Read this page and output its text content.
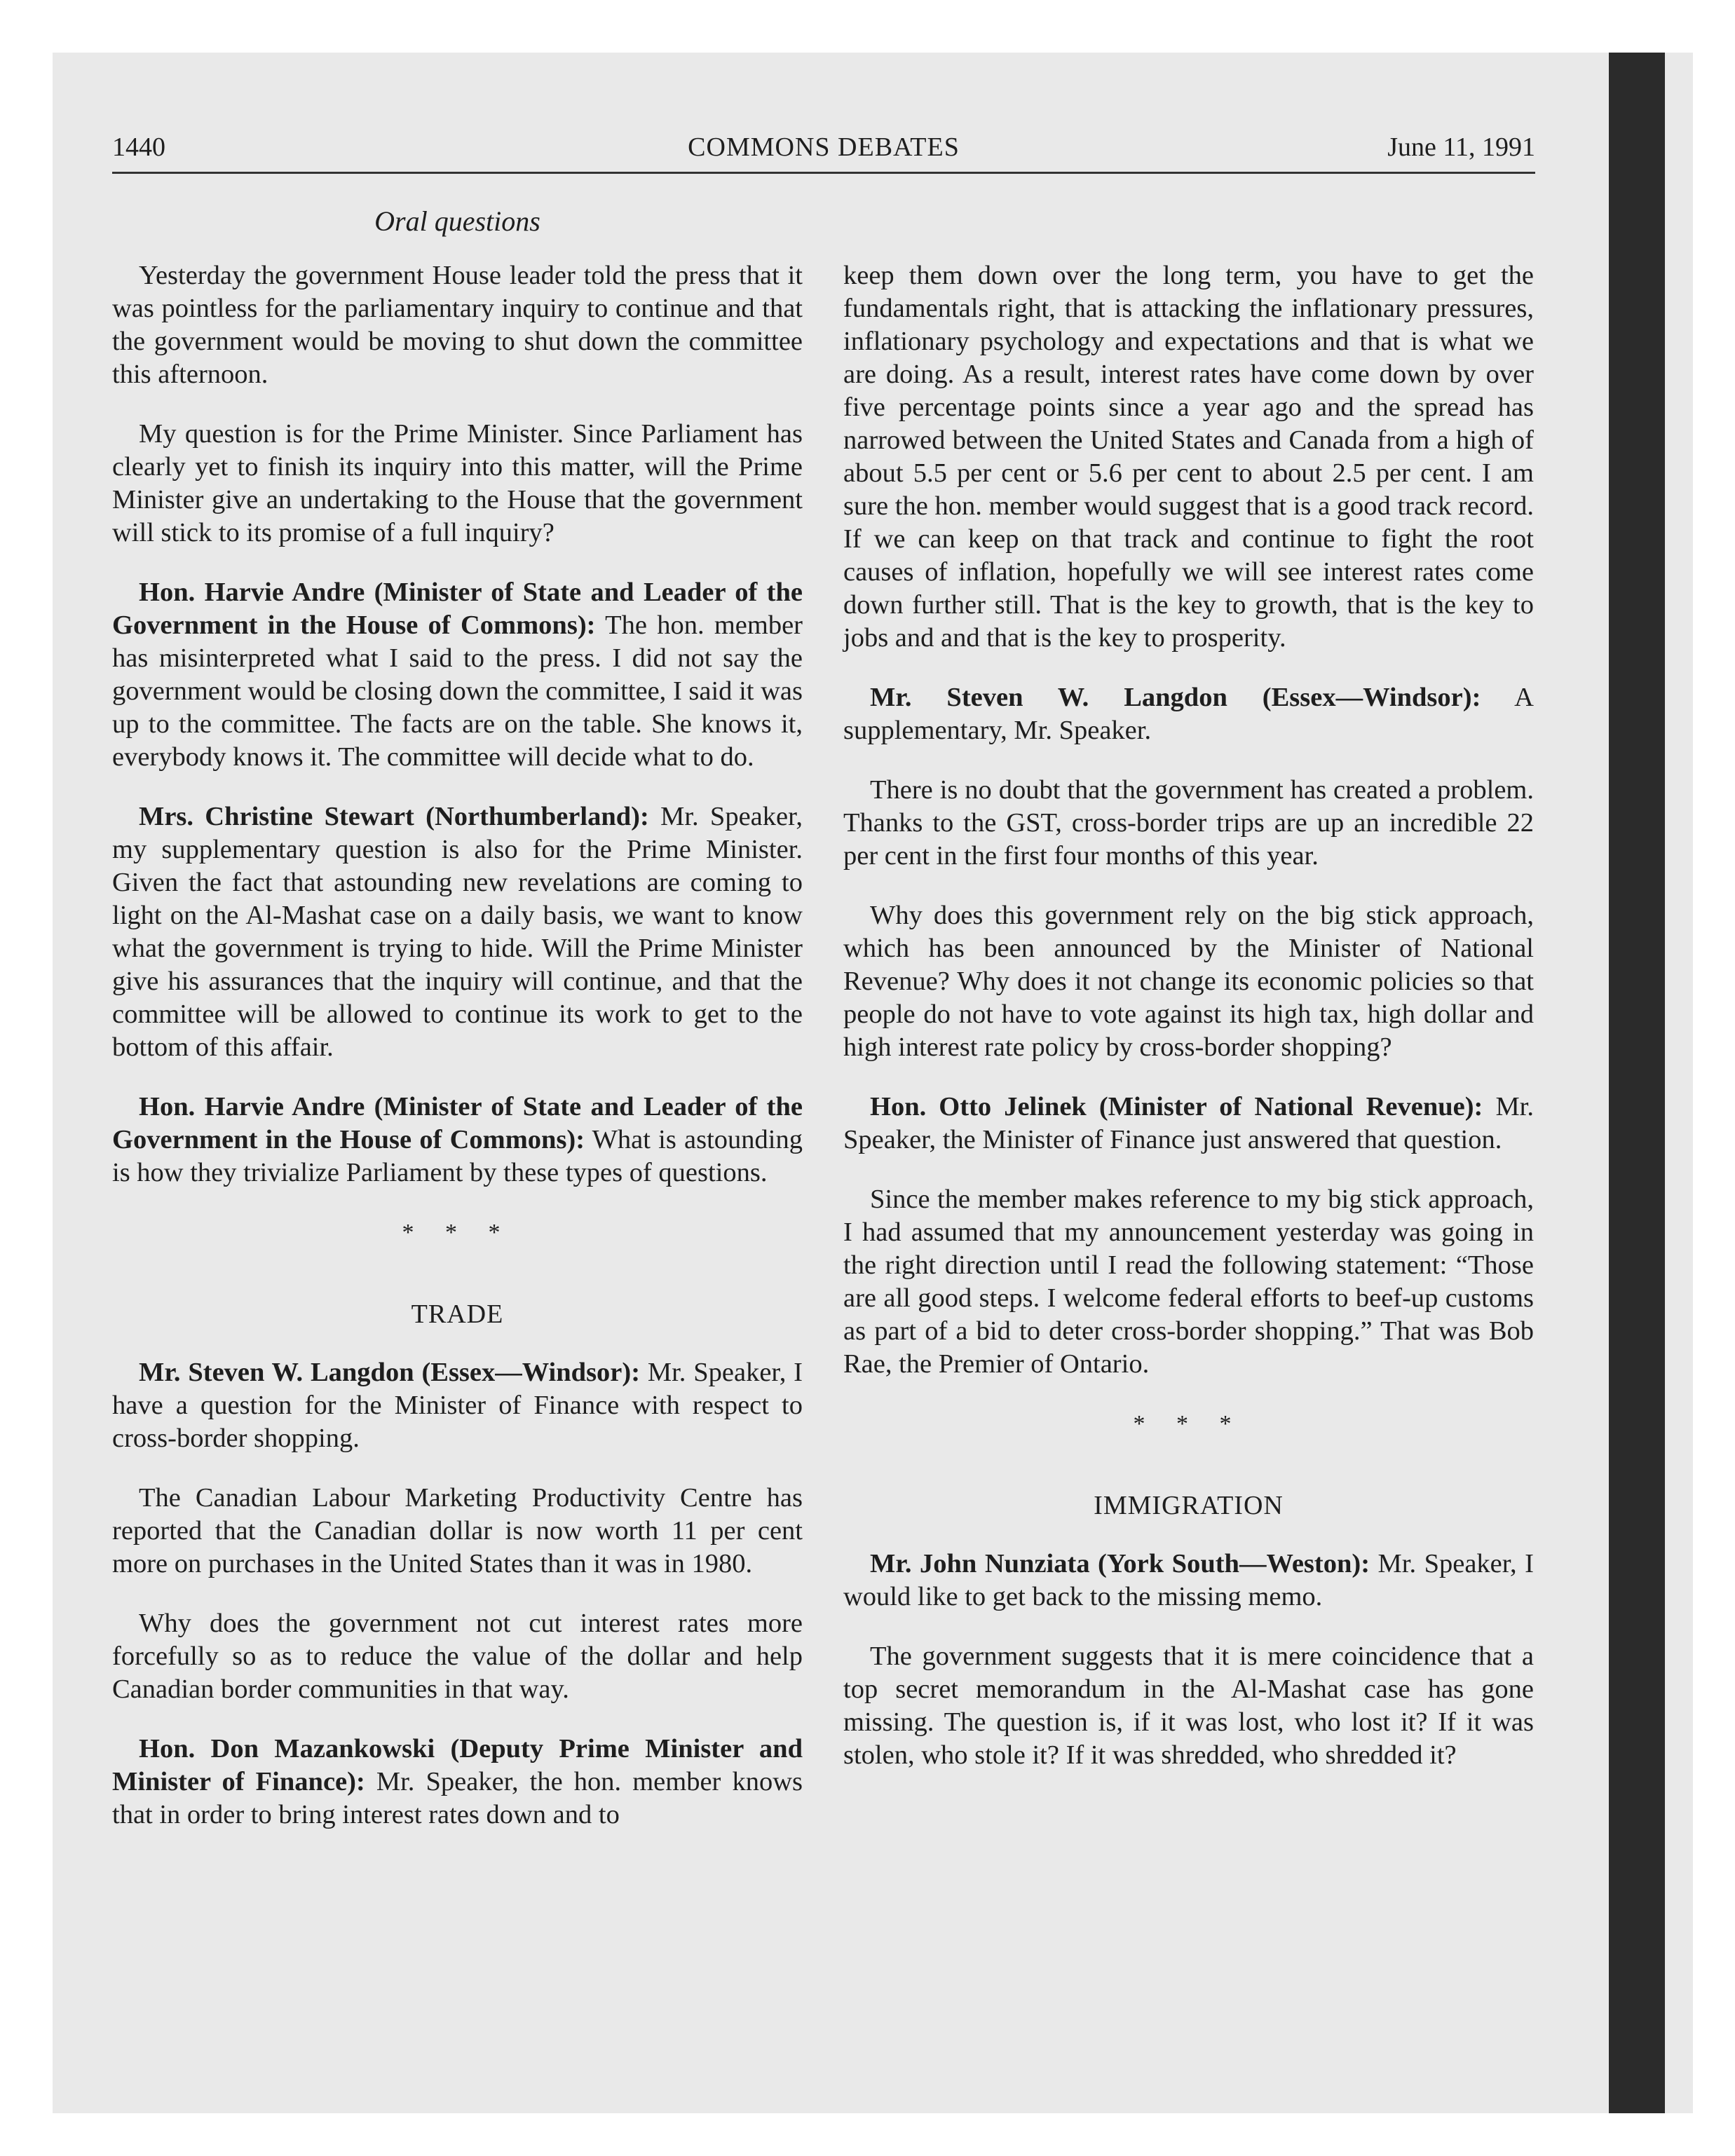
1440	COMMONS DEBATES	June 11, 1991
Oral questions

Yesterday the government House leader told the press that it was pointless for the parliamentary inquiry to continue and that the government would be moving to shut down the committee this afternoon.

My question is for the Prime Minister. Since Parliament has clearly yet to finish its inquiry into this matter, will the Prime Minister give an undertaking to the House that the government will stick to its promise of a full inquiry?

Hon. Harvie Andre (Minister of State and Leader of the Government in the House of Commons): The hon. member has misinterpreted what I said to the press. I did not say the government would be closing down the committee, I said it was up to the committee. The facts are on the table. She knows it, everybody knows it. The committee will decide what to do.

Mrs. Christine Stewart (Northumberland): Mr. Speaker, my supplementary question is also for the Prime Minister. Given the fact that astounding new revelations are coming to light on the Al-Mashat case on a daily basis, we want to know what the government is trying to hide. Will the Prime Minister give his assurances that the inquiry will continue, and that the committee will be allowed to continue its work to get to the bottom of this affair.

Hon. Harvie Andre (Minister of State and Leader of the Government in the House of Commons): What is astounding is how they trivialize Parliament by these types of questions.

* * *
TRADE

Mr. Steven W. Langdon (Essex—Windsor): Mr. Speaker, I have a question for the Minister of Finance with respect to cross-border shopping.

The Canadian Labour Marketing Productivity Centre has reported that the Canadian dollar is now worth 11 per cent more on purchases in the United States than it was in 1980.

Why does the government not cut interest rates more forcefully so as to reduce the value of the dollar and help Canadian border communities in that way.

Hon. Don Mazankowski (Deputy Prime Minister and Minister of Finance): Mr. Speaker, the hon. member knows that in order to bring interest rates down and to

keep them down over the long term, you have to get the fundamentals right, that is attacking the inflationary pressures, inflationary psychology and expectations and that is what we are doing. As a result, interest rates have come down by over five percentage points since a year ago and the spread has narrowed between the United States and Canada from a high of about 5.5 per cent or 5.6 per cent to about 2.5 per cent. I am sure the hon. member would suggest that is a good track record. If we can keep on that track and continue to fight the root causes of inflation, hopefully we will see interest rates come down further still. That is the key to growth, that is the key to jobs and and that is the key to prosperity.

Mr. Steven W. Langdon (Essex—Windsor): A supplementary, Mr. Speaker.

There is no doubt that the government has created a problem. Thanks to the GST, cross-border trips are up an incredible 22 per cent in the first four months of this year.

Why does this government rely on the big stick approach, which has been announced by the Minister of National Revenue? Why does it not change its economic policies so that people do not have to vote against its high tax, high dollar and high interest rate policy by cross-border shopping?

Hon. Otto Jelinek (Minister of National Revenue): Mr. Speaker, the Minister of Finance just answered that question.

Since the member makes reference to my big stick approach, I had assumed that my announcement yesterday was going in the right direction until I read the following statement: “Those are all good steps. I welcome federal efforts to beef-up customs as part of a bid to deter cross-border shopping.” That was Bob Rae, the Premier of Ontario.

* * *
IMMIGRATION

Mr. John Nunziata (York South—Weston): Mr. Speaker, I would like to get back to the missing memo.

The government suggests that it is mere coincidence that a top secret memorandum in the Al-Mashat case has gone missing. The question is, if it was lost, who lost it? If it was stolen, who stole it? If it was shredded, who shredded it?
